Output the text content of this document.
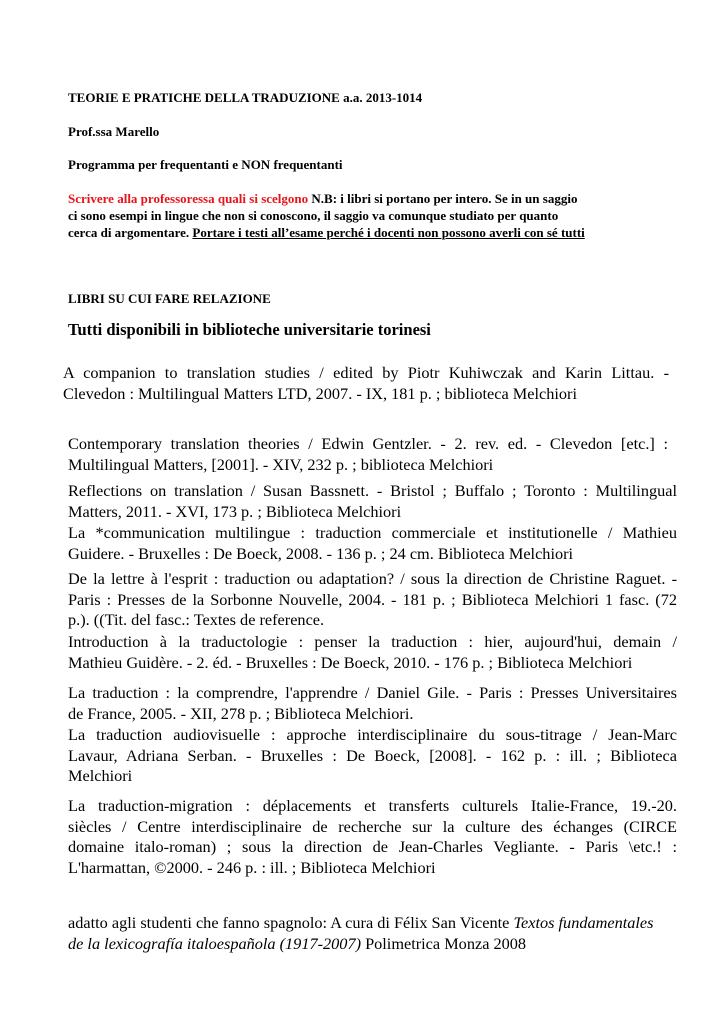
TEORIE E PRATICHE DELLA TRADUZIONE a.a. 2013-1014
Prof.ssa Marello
Programma per frequentanti e NON frequentanti
Scrivere alla professoressa quali si scelgono N.B: i libri si portano per intero. Se in un saggio
ci sono esempi in lingue che non si conoscono, il saggio va comunque studiato per quanto
cerca di argomentare. Portare i testi all’esame perché i docenti non possono averli con sé tutti
LIBRI SU CUI FARE RELAZIONE
Tutti disponibili in biblioteche universitarie torinesi
A companion to translation studies / edited by Piotr Kuhiwczak and Karin Littau. -
Clevedon : Multilingual Matters LTD, 2007. - IX, 181 p. ; biblioteca Melchiori
Contemporary translation theories / Edwin Gentzler. - 2. rev. ed. - Clevedon [etc.] :
Multilingual Matters, [2001]. - XIV, 232 p. ; biblioteca Melchiori
Reflections on translation / Susan Bassnett. - Bristol ; Buffalo ; Toronto : Multilingual
Matters, 2011. - XVI, 173 p. ; Biblioteca Melchiori
La *communication multilingue : traduction commerciale et institutionelle / Mathieu
Guidere. - Bruxelles : De Boeck, 2008. - 136 p. ; 24 cm. Biblioteca Melchiori
De la lettre à l'esprit : traduction ou adaptation? / sous la direction de Christine Raguet. -
Paris : Presses de la Sorbonne Nouvelle, 2004. - 181 p. ; Biblioteca Melchiori 1 fasc. (72
p.). ((Tit. del fasc.: Textes de reference.
Introduction à la traductologie : penser la traduction : hier, aujourd'hui, demain /
Mathieu Guidère. - 2. éd. - Bruxelles : De Boeck, 2010. - 176 p. ; Biblioteca Melchiori
La traduction : la comprendre, l'apprendre / Daniel Gile. - Paris : Presses Universitaires
de France, 2005. - XII, 278 p. ; Biblioteca Melchiori.
La traduction audiovisuelle : approche interdisciplinaire du sous-titrage / Jean-Marc
Lavaur, Adriana Serban. - Bruxelles : De Boeck, [2008]. - 162 p. : ill. ; Biblioteca
Melchiori
La traduction-migration : déplacements et transferts culturels Italie-France, 19.-20.
siècles / Centre interdisciplinaire de recherche sur la culture des échanges (CIRCE
domaine italo-roman) ; sous la direction de Jean-Charles Vegliante. - Paris \etc.! :
L'harmattan, ©2000. - 246 p. : ill. ; Biblioteca Melchiori
adatto agli studenti che fanno spagnolo: A cura di Félix San Vicente Textos fundamentales de la lexicografía italoespañola (1917-2007) Polimetrica Monza 2008
